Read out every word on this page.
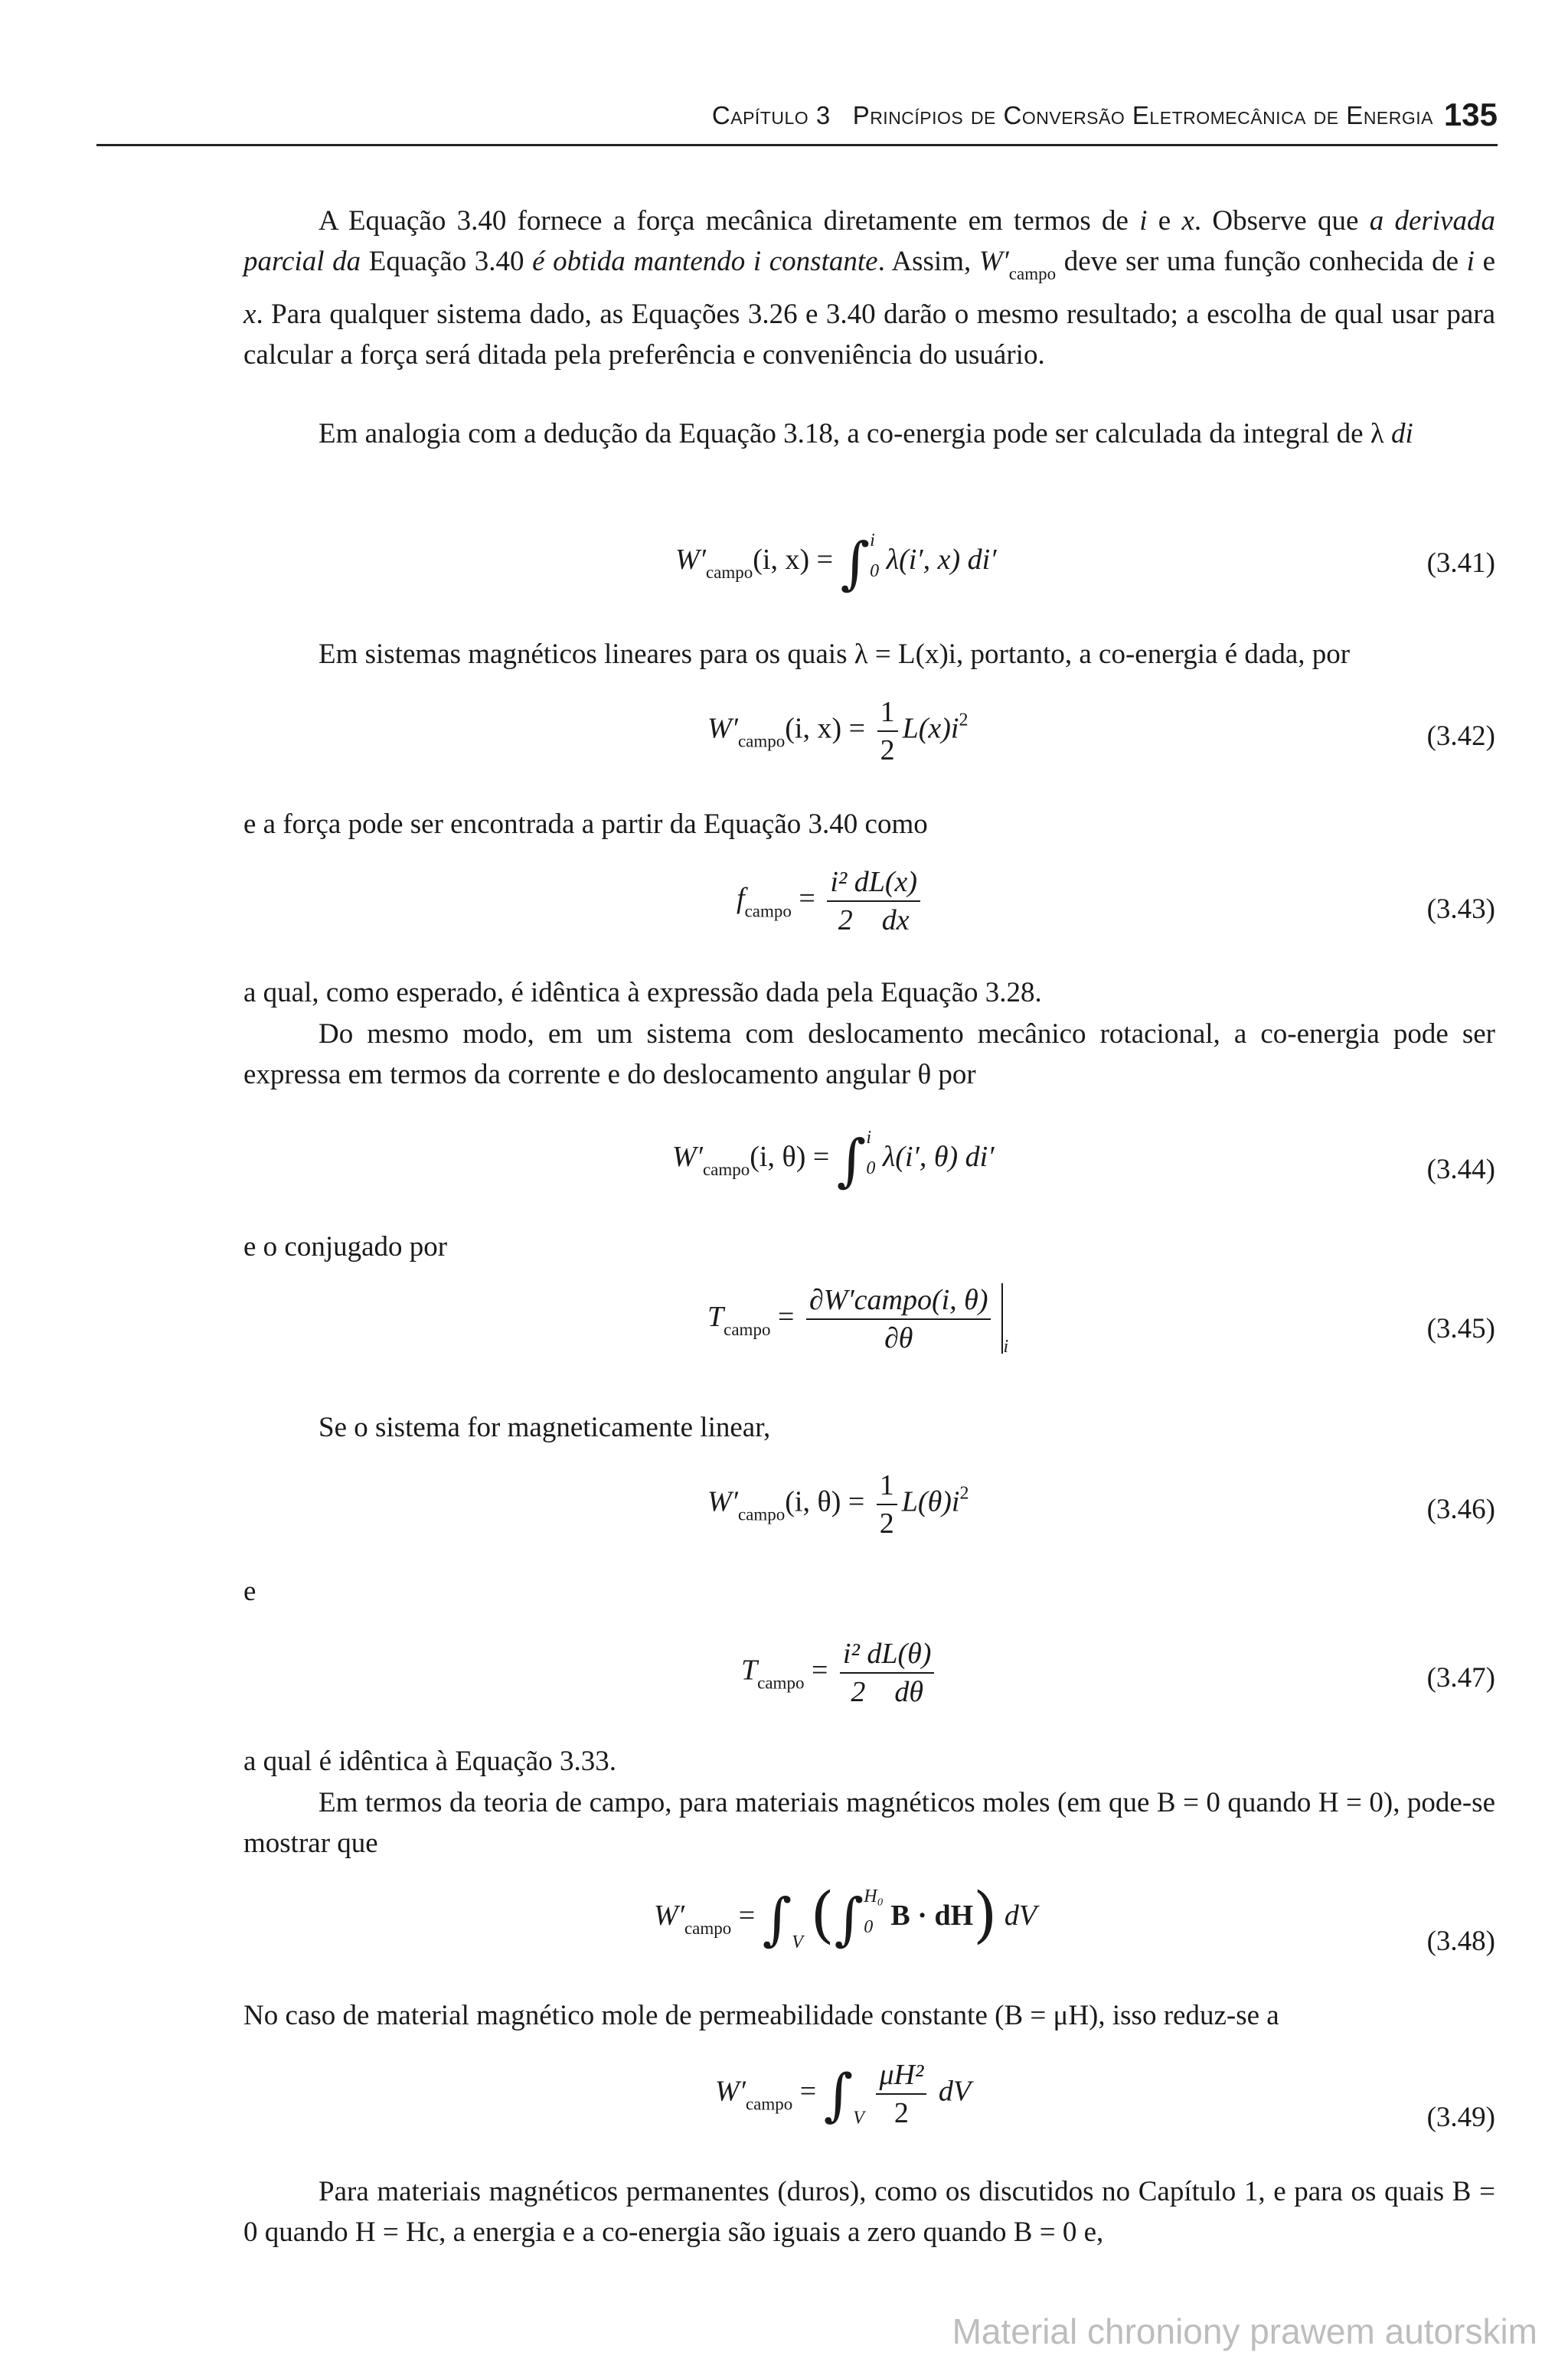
Capítulo 3 Princípios de Conversão Eletromecânica de Energia 135
A Equação 3.40 fornece a força mecânica diretamente em termos de i e x. Observe que a derivada parcial da Equação 3.40 é obtida mantendo i constante. Assim, $W'_{campo}$ deve ser uma função conhecida de i e x. Para qualquer sistema dado, as Equações 3.26 e 3.40 darão o mesmo resultado; a escolha de qual usar para calcular a força será ditada pela preferência e conveniência do usuário.
Em analogia com a dedução da Equação 3.18, a co-energia pode ser calculada da integral de λ di
$W'_{campo}(i$, x) = ∫ i
0 λ(i′, x) di′	(3.41)
Em sistemas magnéticos lineares para os quais λ = L(x)i, portanto, a co-energia é dada, por
$W'_{campo}(i$, $x) = \frac{1}{2} L(x)i^2$
(3.42)
e a força pode ser encontrada a partir da Equação 3.40 como
$f_{campo} = \frac{\text{i² dL(x)}}{2 dx}$	(3.43)
a qual, como esperado, é idêntica à expressão dada pela Equação 3.28.
Do mesmo modo, em um sistema com deslocamento mecânico rotacional, a co-energia pode ser expressa em termos da corrente e do deslocamento angular θ por
$W'_{campo}(i$, θ) = ∫ i
0 λ(i′, θ) di′	(3.44)
e o conjugado por
$T_{campo} = \frac{\text{∂W′campo(i, θ)}}{\partial\theta} _i$
(3.45)
Se o sistema for magneticamente linear,
$W'_{campo}(i$, $\theta) = \frac{1}{2} L(\theta)i^2$
(3.46)
e
$T_{campo} = \frac{\text{i² dL(θ)}}{2 d\theta}$	(3.47)
a qual é idêntica à Equação 3.33.
Em termos da teoria de campo, para materiais magnéticos moles (em que B = 0 quando H = 0), pode-se mostrar que
$W'_{campo} = \int_V$ (∫ H₀
0 B · dH) dV
(3.48)
No caso de material magnético mole de permeabilidade constante (B = μH), isso reduz-se a
$W'_{campo} = \int_V \frac{\text{μH²}}{2}$ dV
(3.49)
Para materiais magnéticos permanentes (duros), como os discutidos no Capítulo 1, e para os quais B = 0 quando H = Hc, a energia e a co-energia são iguais a zero quando B = 0 e,
Material chroniony prawem autorskim
